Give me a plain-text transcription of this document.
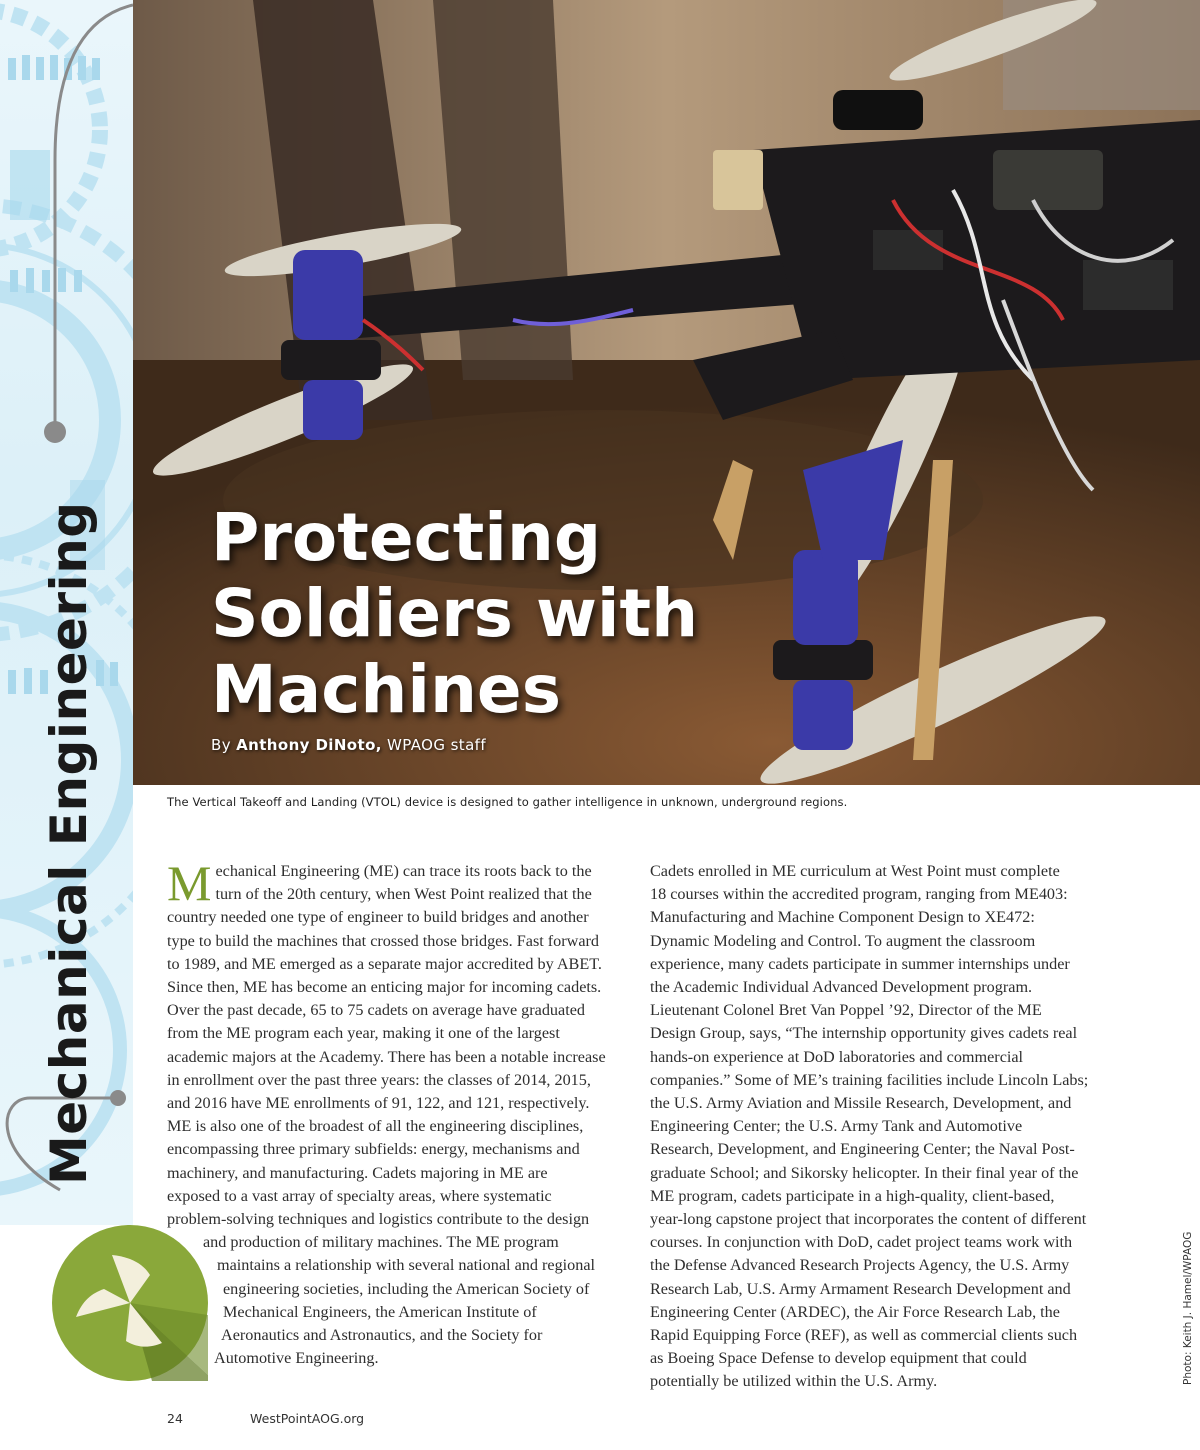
Mechanical Engineering Protecting
Soldiers with
Machines
By Anthony DiNoto, WPAOG staff
The Vertical Takeoff and Landing (VTOL) device is designed to gather intelligence in unknown, underground regions.
M echanical Engineering (ME) can trace its roots back to the
turn of the 20th century, when West Point realized that the
country needed one type of engineer to build bridges and another
type to build the machines that crossed those bridges. Fast forward
to 1989, and ME emerged as a separate major accredited by ABET.
Since then, ME has become an enticing major for incoming cadets.
Over the past decade, 65 to 75 cadets on average have graduated
from the ME program each year, making it one of the largest
academic majors at the Academy. There has been a notable increase
in enrollment over the past three years: the classes of 2014, 2015,
and 2016 have ME enrollments of 91, 122, and 121, respectively.
ME is also one of the broadest of all the engineering disciplines,
encompassing three primary subfields: energy, mechanisms and
machinery, and manufacturing. Cadets majoring in ME are
exposed to a vast array of specialty areas, where systematic
problem-solving techniques and logistics contribute to the design
and production of military machines. The ME program
maintains a relationship with several national and regional
engineering societies, including the American Society of
Mechanical Engineers, the American Institute of
Aeronautics and Astronautics, and the Society for
Automotive Engineering.
Cadets enrolled in ME curriculum at West Point must complete
18 courses within the accredited program, ranging from ME403:
Manufacturing and Machine Component Design to XE472:
Dynamic Modeling and Control. To augment the classroom
experience, many cadets participate in summer internships under
the Academic Individual Advanced Development program.
Lieutenant Colonel Bret Van Poppel ’92, Director of the ME
Design Group, says, “The internship opportunity gives cadets real
hands-on experience at DoD laboratories and commercial
companies.” Some of ME’s training facilities include Lincoln Labs;
the U.S. Army Aviation and Missile Research, Development, and
Engineering Center; the U.S. Army Tank and Automotive
Research, Development, and Engineering Center; the Naval Post-
graduate School; and Sikorsky helicopter. In their final year of the
ME program, cadets participate in a high-quality, client-based,
year-long capstone project that incorporates the content of different
courses. In conjunction with DoD, cadet project teams work with
the Defense Advanced Research Projects Agency, the U.S. Army
Research Lab, U.S. Army Armament Research Development and
Engineering Center (ARDEC), the Air Force Research Lab, the
Rapid Equipping Force (REF), as well as commercial clients such
as Boeing Space Defense to develop equipment that could
potentially be utilized within the U.S. Army.	Photo: Keith J. Hamel/WPAOG
24	WestPointAOG.org
